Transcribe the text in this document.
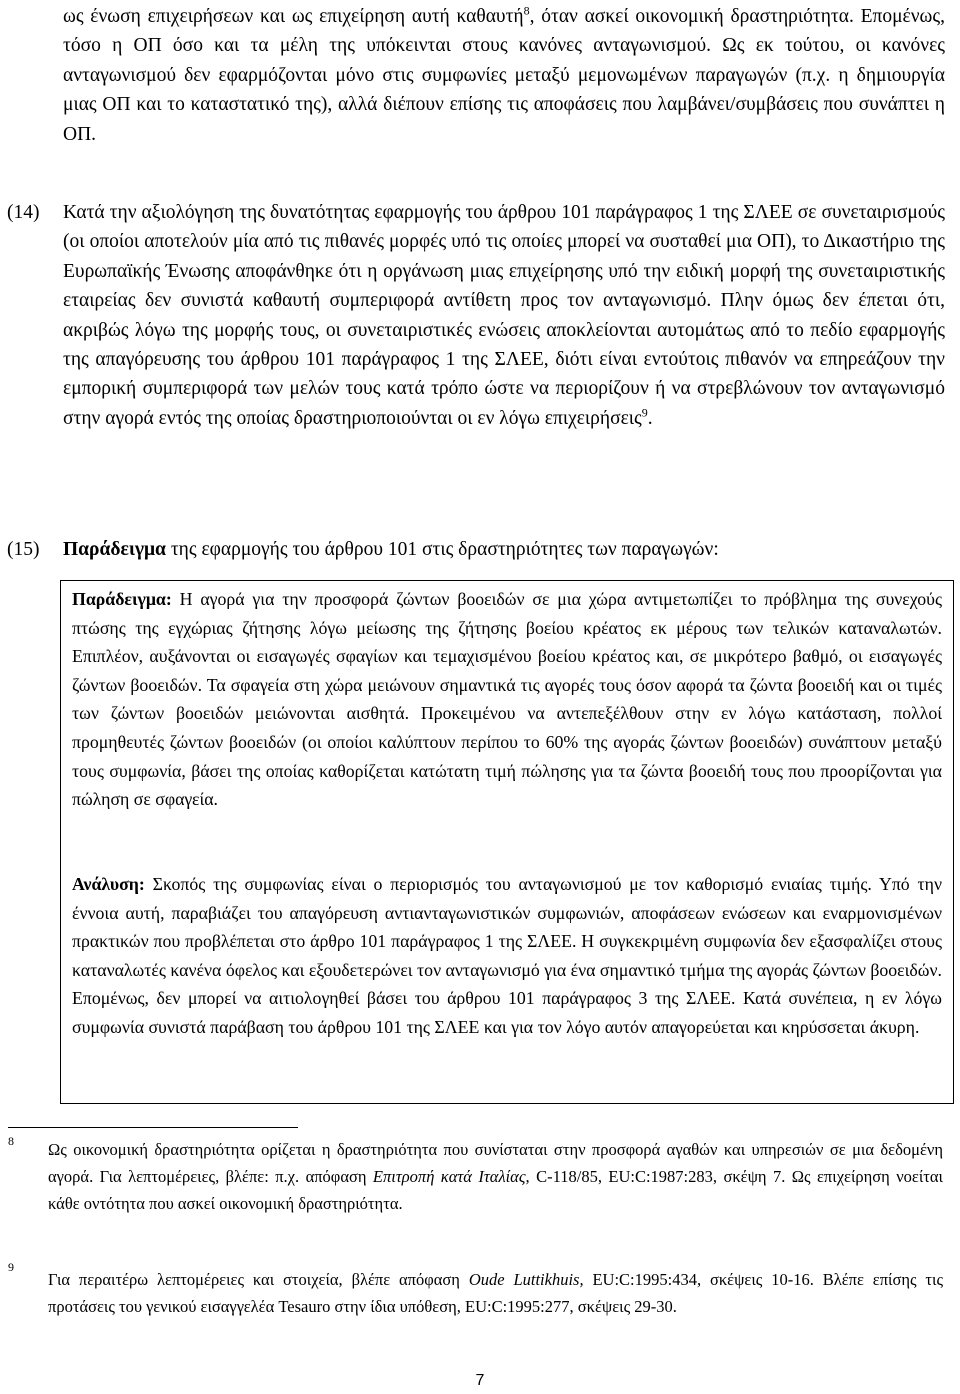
ως ένωση επιχειρήσεων και ως επιχείρηση αυτή καθαυτή$^8$, όταν ασκεί οικονομική δραστηριότητα. Επομένως, τόσο η ΟΠ όσο και τα μέλη της υπόκεινται στους κανόνες ανταγωνισμού. Ως εκ τούτου, οι κανόνες ανταγωνισμού δεν εφαρμόζονται μόνο στις συμφωνίες μεταξύ μεμονωμένων παραγωγών (π.χ. η δημιουργία μιας ΟΠ και το καταστατικό της), αλλά διέπουν επίσης τις αποφάσεις που λαμβάνει/συμβάσεις που συνάπτει η ΟΠ.
(14) Κατά την αξιολόγηση της δυνατότητας εφαρμογής του άρθρου 101 παράγραφος 1 της ΣΛΕΕ σε συνεταιρισμούς (οι οποίοι αποτελούν μία από τις πιθανές μορφές υπό τις οποίες μπορεί να συσταθεί μια ΟΠ), το Δικαστήριο της Ευρωπαϊκής Ένωσης αποφάνθηκε ότι η οργάνωση μιας επιχείρησης υπό την ειδική μορφή της συνεταιριστικής εταιρείας δεν συνιστά καθαυτή συμπεριφορά αντίθετη προς τον ανταγωνισμό. Πλην όμως δεν έπεται ότι, ακριβώς λόγω της μορφής τους, οι συνεταιριστικές ενώσεις αποκλείονται αυτομάτως από το πεδίο εφαρμογής της απαγόρευσης του άρθρου 101 παράγραφος 1 της ΣΛΕΕ, διότι είναι εντούτοις πιθανόν να επηρεάζουν την εμπορική συμπεριφορά των μελών τους κατά τρόπο ώστε να περιορίζουν ή να στρεβλώνουν τον ανταγωνισμό στην αγορά εντός της οποίας δραστηριοποιούνται οι εν λόγω επιχειρήσεις$^9$.
(15) Παράδειγμα της εφαρμογής του άρθρου 101 στις δραστηριότητες των παραγωγών:
Παράδειγμα: Η αγορά για την προσφορά ζώντων βοοειδών σε μια χώρα αντιμετωπίζει το πρόβλημα της συνεχούς πτώσης της εγχώριας ζήτησης λόγω μείωσης της ζήτησης βοείου κρέατος εκ μέρους των τελικών καταναλωτών. Επιπλέον, αυξάνονται οι εισαγωγές σφαγίων και τεμαχισμένου βοείου κρέατος και, σε μικρότερο βαθμό, οι εισαγωγές ζώντων βοοειδών. Τα σφαγεία στη χώρα μειώνουν σημαντικά τις αγορές τους όσον αφορά τα ζώντα βοοειδή και οι τιμές των ζώντων βοοειδών μειώνονται αισθητά. Προκειμένου να αντεπεξέλθουν στην εν λόγω κατάσταση, πολλοί προμηθευτές ζώντων βοοειδών (οι οποίοι καλύπτουν περίπου το 60% της αγοράς ζώντων βοοειδών) συνάπτουν μεταξύ τους συμφωνία, βάσει της οποίας καθορίζεται κατώτατη τιμή πώλησης για τα ζώντα βοοειδή τους που προορίζονται για πώληση σε σφαγεία.
Ανάλυση: Σκοπός της συμφωνίας είναι ο περιορισμός του ανταγωνισμού με τον καθορισμό ενιαίας τιμής. Υπό την έννοια αυτή, παραβιάζει του απαγόρευση αντιανταγωνιστικών συμφωνιών, αποφάσεων ενώσεων και εναρμονισμένων πρακτικών που προβλέπεται στο άρθρο 101 παράγραφος 1 της ΣΛΕΕ. Η συγκεκριμένη συμφωνία δεν εξασφαλίζει στους καταναλωτές κανένα όφελος και εξουδετερώνει τον ανταγωνισμό για ένα σημαντικό τμήμα της αγοράς ζώντων βοοειδών. Επομένως, δεν μπορεί να αιτιολογηθεί βάσει του άρθρου 101 παράγραφος 3 της ΣΛΕΕ. Κατά συνέπεια, η εν λόγω συμφωνία συνιστά παράβαση του άρθρου 101 της ΣΛΕΕ και για τον λόγο αυτόν απαγορεύεται και κηρύσσεται άκυρη.
8 Ως οικονομική δραστηριότητα ορίζεται η δραστηριότητα που συνίσταται στην προσφορά αγαθών και υπηρεσιών σε μια δεδομένη αγορά. Για λεπτομέρειες, βλέπε: π.χ. απόφαση Επιτροπή κατά Ιταλίας, C-118/85, EU:C:1987:283, σκέψη 7. Ως επιχείρηση νοείται κάθε οντότητα που ασκεί οικονομική δραστηριότητα.
9
Για περαιτέρω λεπτομέρειες και στοιχεία, βλέπε απόφαση Oude Luttikhuis, EU:C:1995:434, σκέψεις 10-16. Βλέπε επίσης τις προτάσεις του γενικού εισαγγελέα Tesauro στην ίδια υπόθεση, EU:C:1995:277, σκέψεις 29-30.
7
